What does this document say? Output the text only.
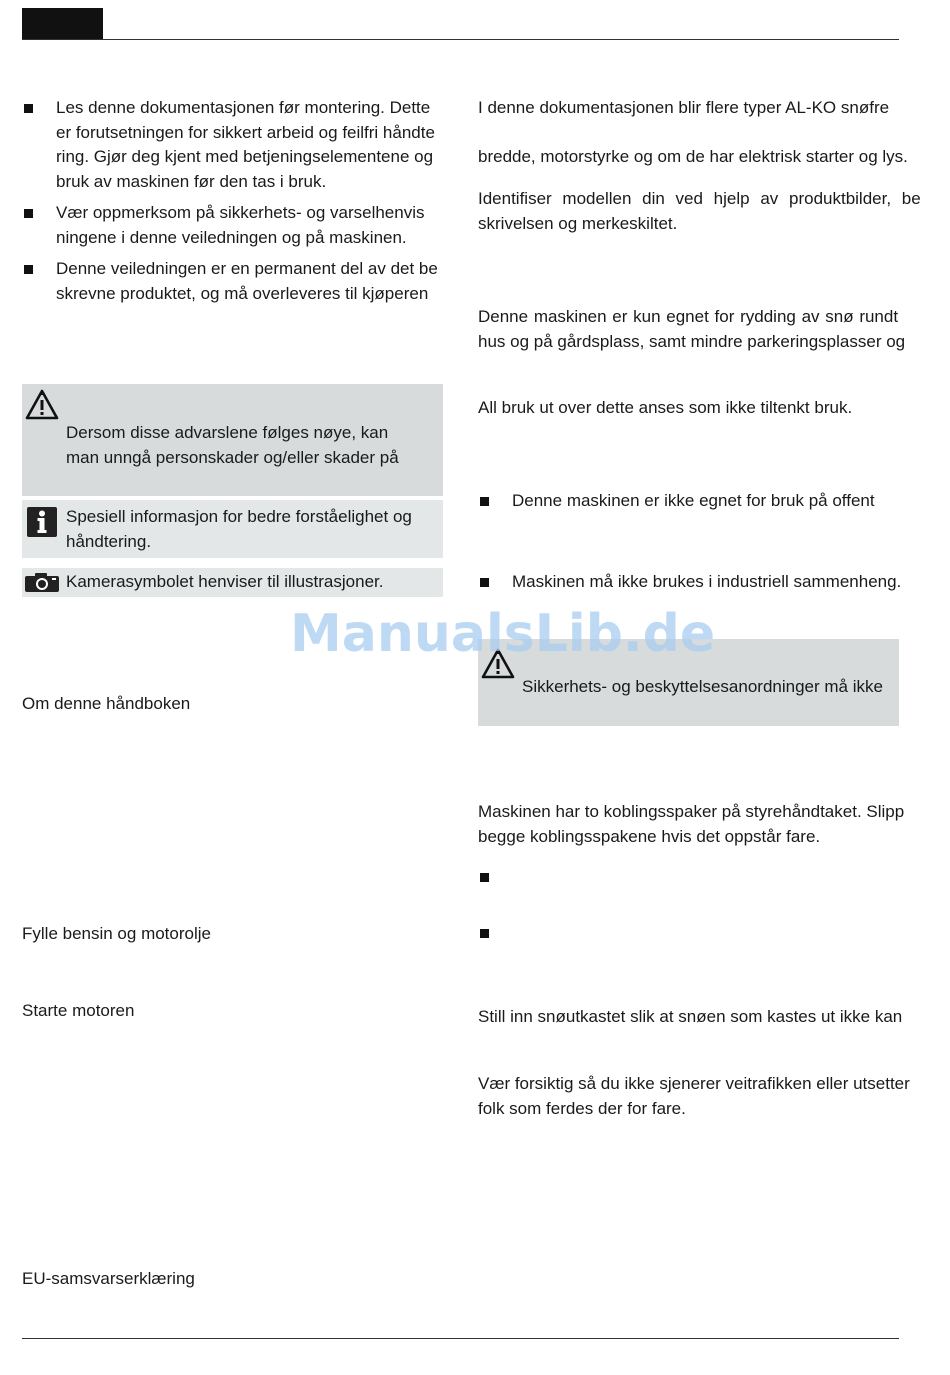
Les denne dokumentasjonen før montering. Dette
er forutsetningen for sikkert arbeid og feilfri håndte
ring. Gjør deg kjent med betjeningselementene og
bruk av maskinen før den tas i bruk.
Vær oppmerksom på sikkerhets- og varselhenvis
ningene i denne veiledningen og på maskinen.
Denne veiledningen er en permanent del av det be
skrevne produktet, og må overleveres til kjøperen
Dersom disse advarslene følges nøye, kan
man unngå personskader og/eller skader på
Spesiell informasjon for bedre forståelighet og
håndtering.
Kamerasymbolet henviser til illustrasjoner.
Om denne håndboken
Fylle bensin og motorolje
Starte motoren
EU-samsvarserklæring
I denne dokumentasjonen blir flere typer AL-KO snøfre
bredde, motorstyrke og om de har elektrisk starter og lys.
Identifiser modellen din ved hjelp av produktbilder, be
skrivelsen og merkeskiltet.
Denne maskinen er kun egnet for rydding av snø rundt
hus og på gårdsplass, samt mindre parkeringsplasser og
All bruk ut over dette anses som ikke tiltenkt bruk.
Denne maskinen er ikke egnet for bruk på offent
Maskinen må ikke brukes i industriell sammenheng.
Sikkerhets- og beskyttelsesanordninger må ikke
Maskinen har to koblingsspaker på styrehåndtaket. Slipp
begge koblingsspakene hvis det oppstår fare.
Still inn snøutkastet slik at snøen som kastes ut ikke kan
Vær forsiktig så du ikke sjenerer veitrafikken eller utsetter
folk som ferdes der for fare.
ManualsLib.de
